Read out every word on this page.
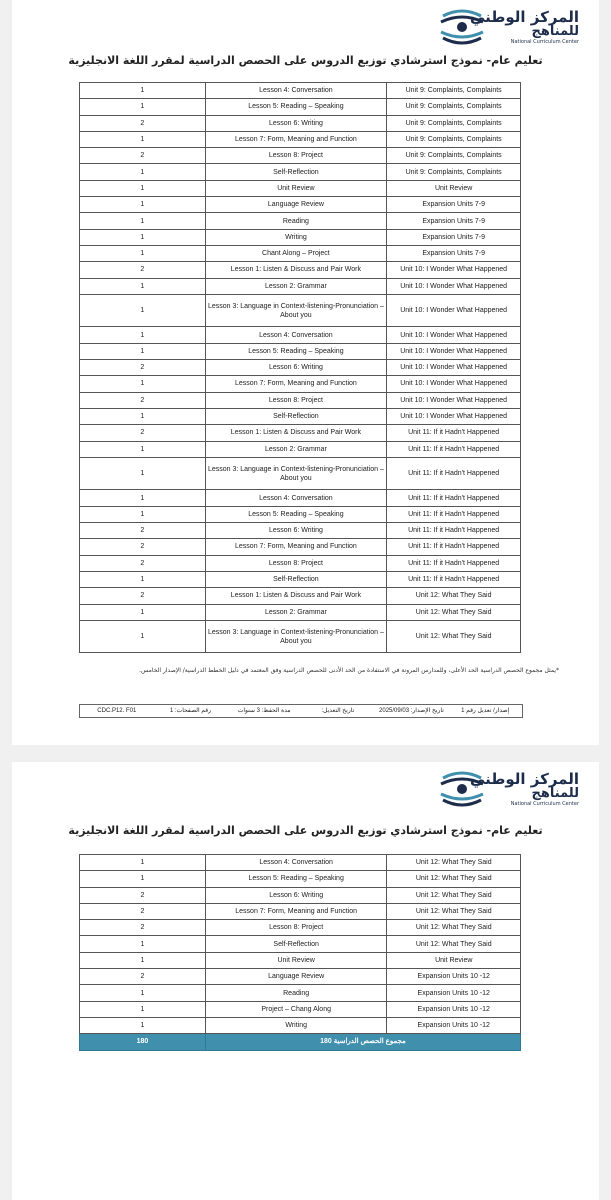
المركز الوطني
للمناهج
National Curriculum Center
تعليم عام- نموذج استرشادي توزيع الدروس على الحصص الدراسية لمقرر اللغة الانجليزية
1	Lesson 4: Conversation	Unit 9: Complaints, Complaints
1	Lesson 5: Reading – Speaking	Unit 9: Complaints, Complaints
2	Lesson 6: Writing	Unit 9: Complaints, Complaints
1	Lesson 7: Form, Meaning and Function	Unit 9: Complaints, Complaints
2	Lesson 8: Project	Unit 9: Complaints, Complaints
1	Self-Reflection	Unit 9: Complaints, Complaints
1	Unit Review	Unit Review
1	Language Review	Expansion Units 7-9
1	Reading	Expansion Units 7-9
1	Writing	Expansion Units 7-9
1	Chant Along – Project	Expansion Units 7-9
2	Lesson 1: Listen & Discuss and Pair Work	Unit 10: I Wonder What Happened
1	Lesson 2: Grammar	Unit 10: I Wonder What Happened
1	Lesson 3: Language in Context-listening-Pronunciation – About you	Unit 10: I Wonder What Happened
1	Lesson 4: Conversation	Unit 10: I Wonder What Happened
1	Lesson 5: Reading – Speaking	Unit 10: I Wonder What Happened
2	Lesson 6: Writing	Unit 10: I Wonder What Happened
1	Lesson 7: Form, Meaning and Function	Unit 10: I Wonder What Happened
2	Lesson 8: Project	Unit 10: I Wonder What Happened
1	Self-Reflection	Unit 10: I Wonder What Happened
2	Lesson 1: Listen & Discuss and Pair Work	Unit 11: If it Hadn't Happened
1	Lesson 2: Grammar	Unit 11: If it Hadn't Happened
1	Lesson 3: Language in Context-listening-Pronunciation – About you	Unit 11: If it Hadn't Happened
1	Lesson 4: Conversation	Unit 11: If it Hadn't Happened
1	Lesson 5: Reading – Speaking	Unit 11: If it Hadn't Happened
2	Lesson 6: Writing	Unit 11: If it Hadn't Happened
2	Lesson 7: Form, Meaning and Function	Unit 11: If it Hadn't Happened
2	Lesson 8: Project	Unit 11: If it Hadn't Happened
1	Self-Reflection	Unit 11: If it Hadn't Happened
2	Lesson 1: Listen & Discuss and Pair Work	Unit 12: What They Said
1	Lesson 2: Grammar	Unit 12: What They Said
1	Lesson 3: Language in Context-listening-Pronunciation – About you	Unit 12: What They Said
*يمثل مجموع الحصص الدراسية الحد الأعلى، وللمدارس المرونة في الاستفادة من الحد الأدنى للحصص الدراسية وفق المعتمد في دليل الخطط الدراسية/ الإصدار الخامس.
إصدار/ تعديل رقم 1
تاريخ الإصدار: 2025/09/03
تاريخ التعديل:
مدة الحفظ: 3 سنوات
رقم الصفحات: 1
CDC.P12. F01
المركز الوطني
للمناهج
National Curriculum Center
تعليم عام- نموذج استرشادي توزيع الدروس على الحصص الدراسية لمقرر اللغة الانجليزية
1	Lesson 4: Conversation	Unit 12: What They Said
1	Lesson 5: Reading – Speaking	Unit 12: What They Said
2	Lesson 6: Writing	Unit 12: What They Said
2	Lesson 7: Form, Meaning and Function	Unit 12: What They Said
2	Lesson 8: Project	Unit 12: What They Said
1	Self-Reflection	Unit 12: What They Said
1	Unit Review	Unit Review
2	Language Review	Expansion Units 10 -12
1	Reading	Expansion Units 10 -12
1	Project – Chang Along	Expansion Units 10 -12
1	Writing	Expansion Units 10 -12
180	مجموع الحصص الدراسية 180	
